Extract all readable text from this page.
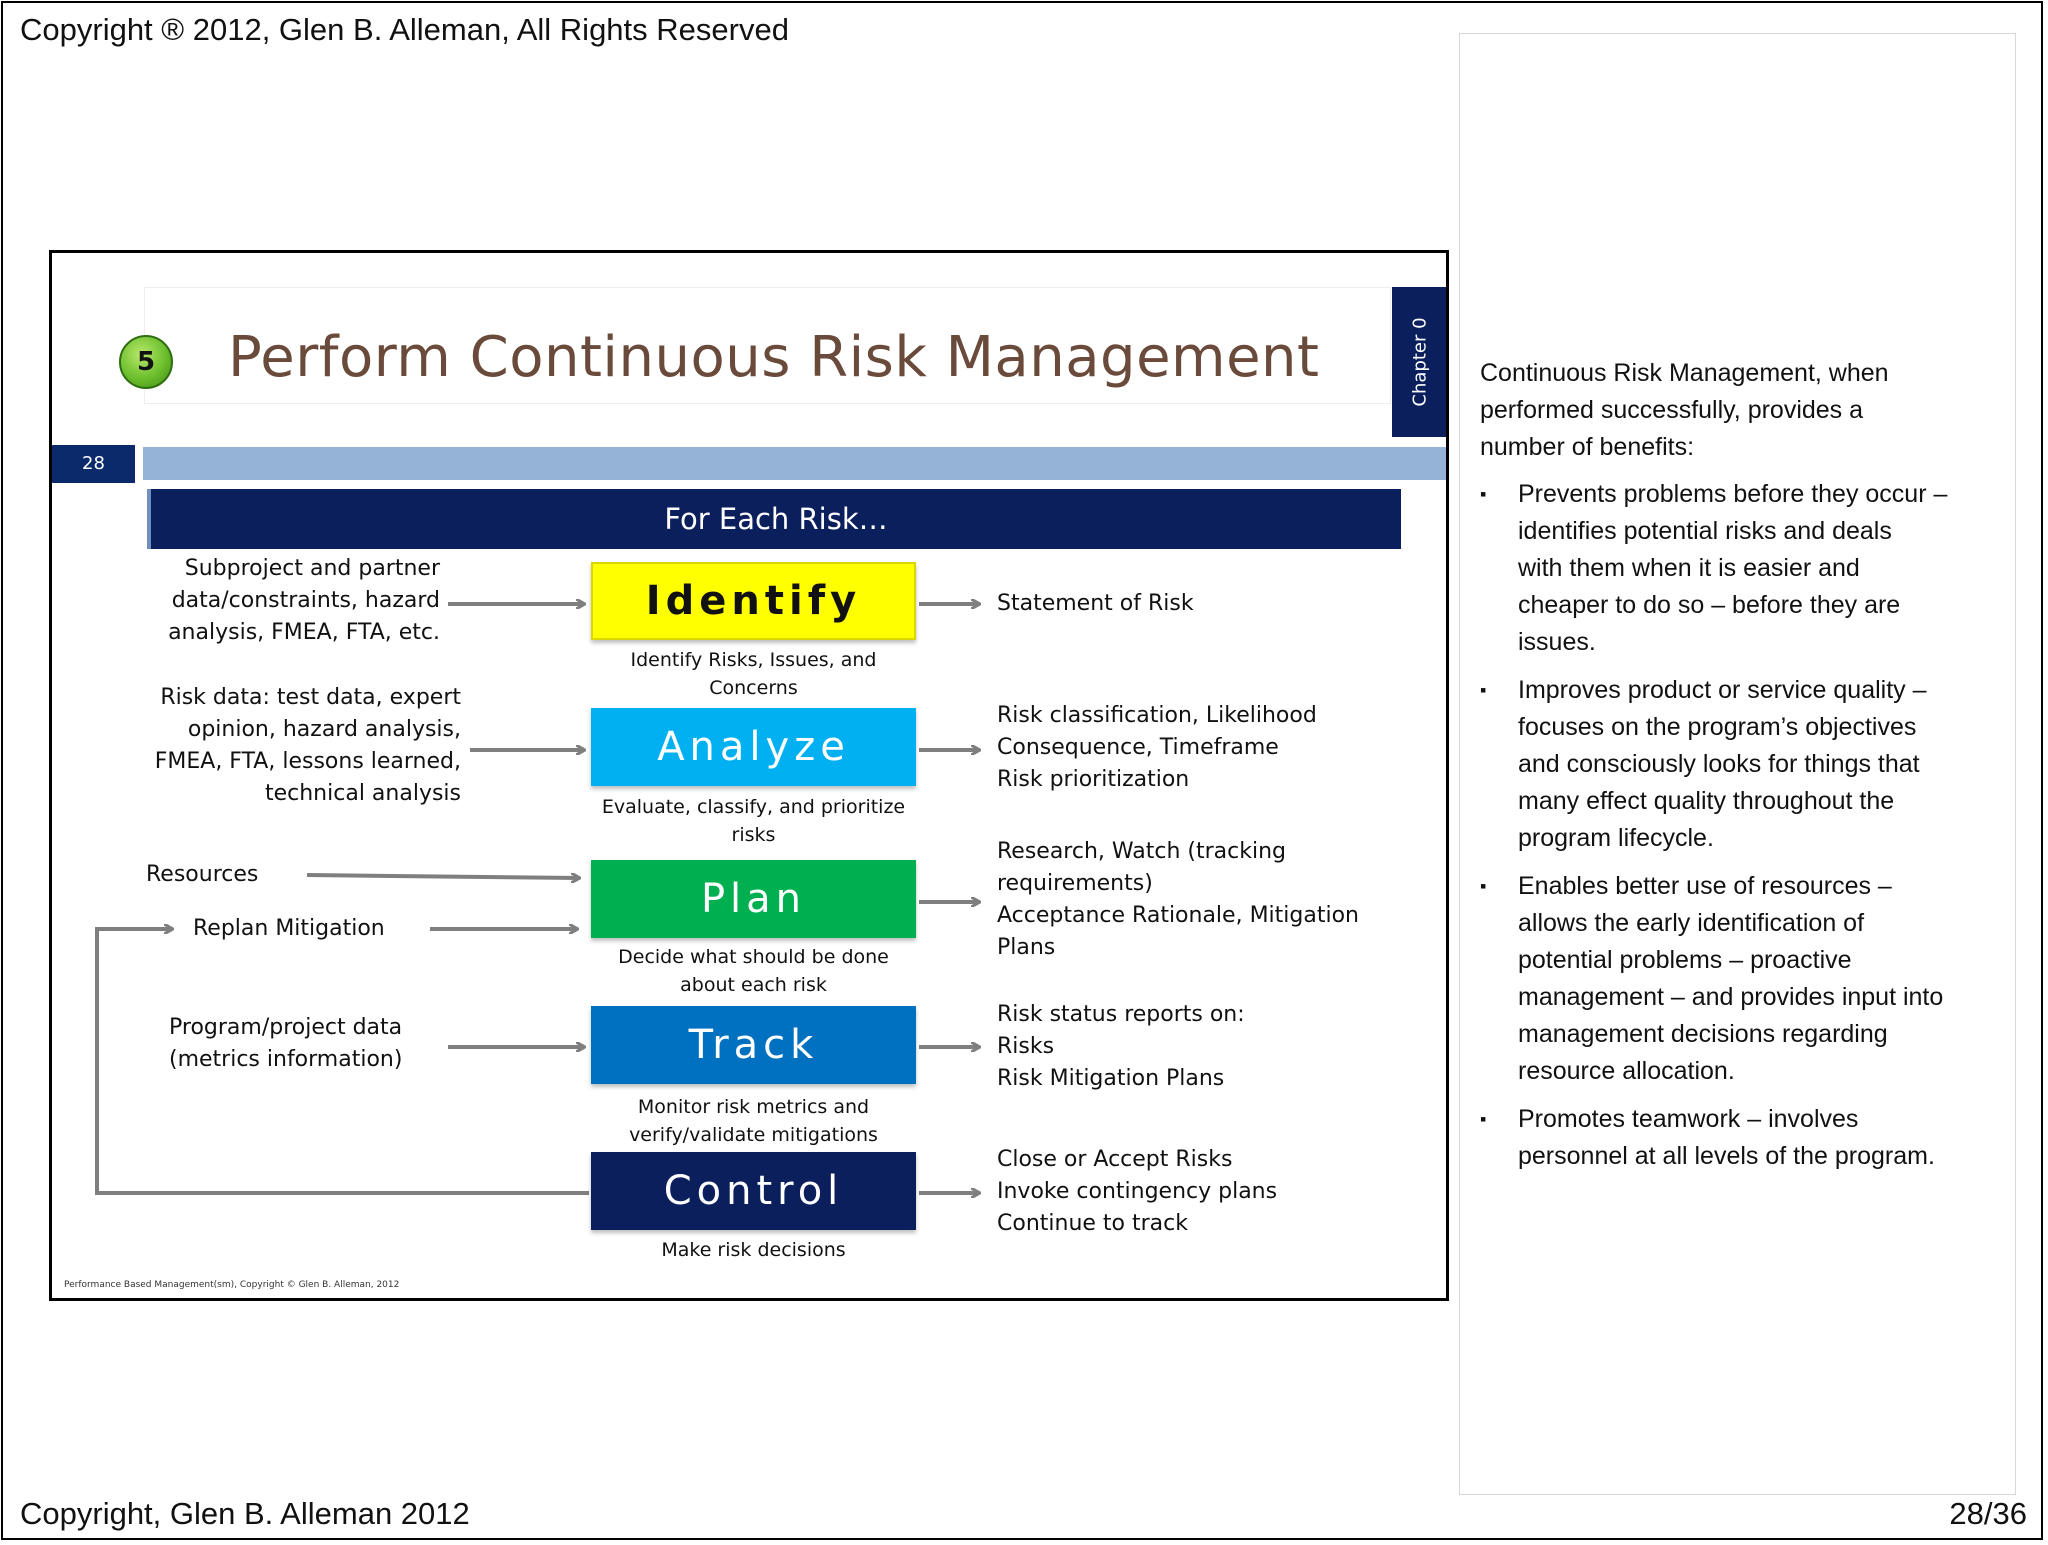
Copyright ® 2012, Glen B. Alleman, All Rights Reserved
5	Perform Continuous Risk Management	Chapter 0
28
For Each Risk…
Identify
Analyze
Plan
Track
Control
Identify Risks, Issues, and
Concerns
Evaluate, classify, and prioritize
risks
Decide what should be done
about each risk
Monitor risk metrics and
verify/validate mitigations
Make risk decisions
Subproject and partner
data/constraints, hazard
analysis, FMEA, FTA, etc.
Risk data: test data, expert
opinion, hazard analysis,
FMEA, FTA, lessons learned,
technical analysis
Resources
Replan Mitigation
Program/project data
(metrics information)
Statement of Risk
Risk classification, Likelihood
Consequence, Timeframe
Risk prioritization
Research, Watch (tracking
requirements)
Acceptance Rationale, Mitigation
Plans
Risk status reports on:
Risks
Risk Mitigation Plans
Close or Accept Risks
Invoke contingency plans
Continue to track
Performance Based Management(sm), Copyright © Glen B. Alleman, 2012
Continuous Risk Management, when
performed successfully, provides a
number of benefits:
▪ Prevents problems before they occur –
identifies potential risks and deals
with them when it is easier and
cheaper to do so – before they are
issues.
▪ Improves product or service quality –
focuses on the program’s objectives
and consciously looks for things that
many effect quality throughout the
program lifecycle.
▪ Enables better use of resources –
allows the early identification of
potential problems – proactive
management – and provides input into
management decisions regarding
resource allocation.
▪ Promotes teamwork – involves
personnel at all levels of the program.
Copyright, Glen B. Alleman 2012	28/36
